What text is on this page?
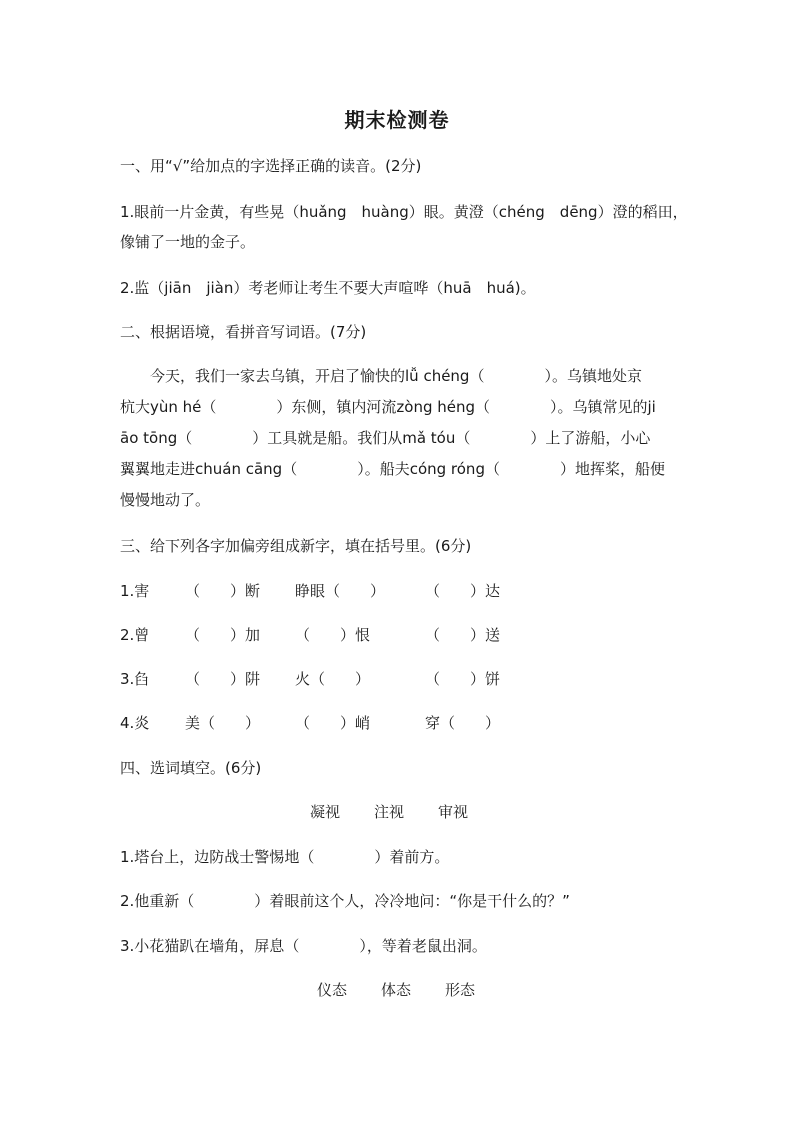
期末检测卷
一、用“√”给加点的字选择正确的读音。(2分)
1.眼前一片金黄，有些晃（huǎng　huàng）眼。黄澄（chéng　dēng）澄的稻田，
像铺了一地的金子。
2.监（jiān　jiàn）考老师让考生不要大声喧哗（huā　huá)。
二、根据语境，看拼音写词语。(7分)

今天，我们一家去乌镇，开启了愉快的lǚ chéng（　　　　）。乌镇地处京

杭大yùn hé（　　　　）东侧，镇内河流zòng héng（　　　　）。乌镇常见的ji

āo tōng（　　　　）工具就是船。我们从mǎ tóu（　　　　）上了游船，小心

翼翼地走进chuán cāng（　　　　）。船夫cóng róng（　　　　）地挥桨，船便

慢慢地动了。

三、给下列各字加偏旁组成新字，填在括号里。(6分)
1.害 （　　）断 睁眼（　　）	（　　）达
2.曾 （　　）加 （　　）恨	（　　）送
3.臽 （　　）阱 火（　　）	（　　）饼
4.炎 美（　　） （　　）峭	穿（　　）
四、选词填空。(6分)
凝视 注视 审视
1.塔台上，边防战士警惕地（　　　　）着前方。
2.他重新（　　　　）着眼前这个人，冷冷地问：“你是干什么的？”
3.小花猫趴在墙角，屏息（　　　　），等着老鼠出洞。
仪态 体态 形态
